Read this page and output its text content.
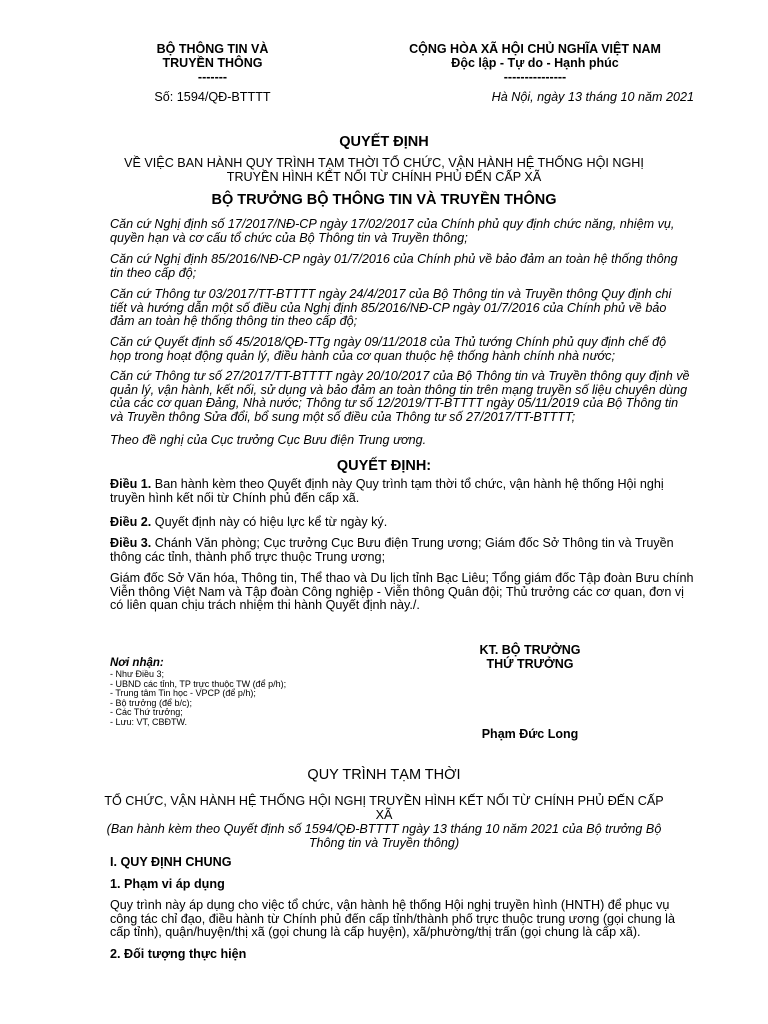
BỘ THÔNG TIN VÀ
TRUYỀN THÔNG
-------
CỘNG HÒA XÃ HỘI CHỦ NGHĨA VIỆT NAM
Độc lập - Tự do - Hạnh phúc
---------------
Số: 1594/QĐ-BTTTT	Hà Nội, ngày 13 tháng 10 năm 2021
QUYẾT ĐỊNH
VỀ VIỆC BAN HÀNH QUY TRÌNH TẠM THỜI TỔ CHỨC, VẬN HÀNH HỆ THỐNG HỘI NGHỊ
TRUYỀN HÌNH KẾT NỐI TỪ CHÍNH PHỦ ĐẾN CẤP XÃ
BỘ TRƯỞNG BỘ THÔNG TIN VÀ TRUYỀN THÔNG

Căn cứ Nghị định số 17/2017/NĐ-CP ngày 17/02/2017 của Chính phủ quy định chức năng, nhiệm vụ, quyền hạn và cơ cấu tổ chức của Bộ Thông tin và Truyền thông;

Căn cứ Nghị định 85/2016/NĐ-CP ngày 01/7/2016 của Chính phủ về bảo đảm an toàn hệ thống thông tin theo cấp độ;

Căn cứ Thông tư 03/2017/TT-BTTTT ngày 24/4/2017 của Bộ Thông tin và Truyền thông Quy định chi tiết và hướng dẫn một số điều của Nghị định 85/2016/NĐ-CP ngày 01/7/2016 của Chính phủ về bảo đảm an toàn hệ thống thông tin theo cấp độ;

Căn cứ Quyết định số 45/2018/QĐ-TTg ngày 09/11/2018 của Thủ tướng Chính phủ quy định chế độ họp trong hoạt động quản lý, điều hành của cơ quan thuộc hệ thống hành chính nhà nước;

Căn cứ Thông tư số 27/2017/TT-BTTTT ngày 20/10/2017 của Bộ Thông tin và Truyền thông quy định về quản lý, vận hành, kết nối, sử dụng và bảo đảm an toàn thông tin trên mạng truyền số liệu chuyên dùng của các cơ quan Đảng, Nhà nước; Thông tư số 12/2019/TT-BTTTT ngày 05/11/2019 của Bộ Thông tin và Truyền thông Sửa đổi, bổ sung một số điều của Thông tư số 27/2017/TT-BTTTT;

Theo đề nghị của Cục trưởng Cục Bưu điện Trung ương.

QUYẾT ĐỊNH:

Điều 1. Ban hành kèm theo Quyết định này Quy trình tạm thời tổ chức, vận hành hệ thống Hội nghị truyền hình kết nối từ Chính phủ đến cấp xã.

Điều 2. Quyết định này có hiệu lực kể từ ngày ký.

Điều 3. Chánh Văn phòng; Cục trưởng Cục Bưu điện Trung ương; Giám đốc Sở Thông tin và Truyền thông các tỉnh, thành phố trực thuộc Trung ương;

Giám đốc Sở Văn hóa, Thông tin, Thể thao và Du lịch tỉnh Bạc Liêu; Tổng giám đốc Tập đoàn Bưu chính Viễn thông Việt Nam và Tập đoàn Công nghiệp - Viễn thông Quân đội; Thủ trưởng các cơ quan, đơn vị có liên quan chịu trách nhiệm thi hành Quyết định này./.

Nơi nhận:
- Như Điều 3;
- UBND các tỉnh, TP trực thuộc TW (để p/h);
- Trung tâm Tin học - VPCP (để p/h);
- Bộ trưởng (để b/c);
- Các Thứ trưởng;
- Lưu: VT, CBĐTW.
KT. BỘ TRƯỞNG
THỨ TRƯỞNG
Phạm Đức Long
QUY TRÌNH TẠM THỜI
TỔ CHỨC, VẬN HÀNH HỆ THỐNG HỘI NGHỊ TRUYỀN HÌNH KẾT NỐI TỪ CHÍNH PHỦ ĐẾN CẤP
XÃ
(Ban hành kèm theo Quyết định số 1594/QĐ-BTTTT ngày 13 tháng 10 năm 2021 của Bộ trưởng Bộ
Thông tin và Truyền thông)
I. QUY ĐỊNH CHUNG
1. Phạm vi áp dụng

Quy trình này áp dụng cho việc tổ chức, vận hành hệ thống Hội nghị truyền hình (HNTH) để phục vụ công tác chỉ đạo, điều hành từ Chính phủ đến cấp tỉnh/thành phố trực thuộc trung ương (gọi chung là cấp tỉnh), quận/huyện/thị xã (gọi chung là cấp huyện), xã/phường/thị trấn (gọi chung là cấp xã).

2. Đối tượng thực hiện
